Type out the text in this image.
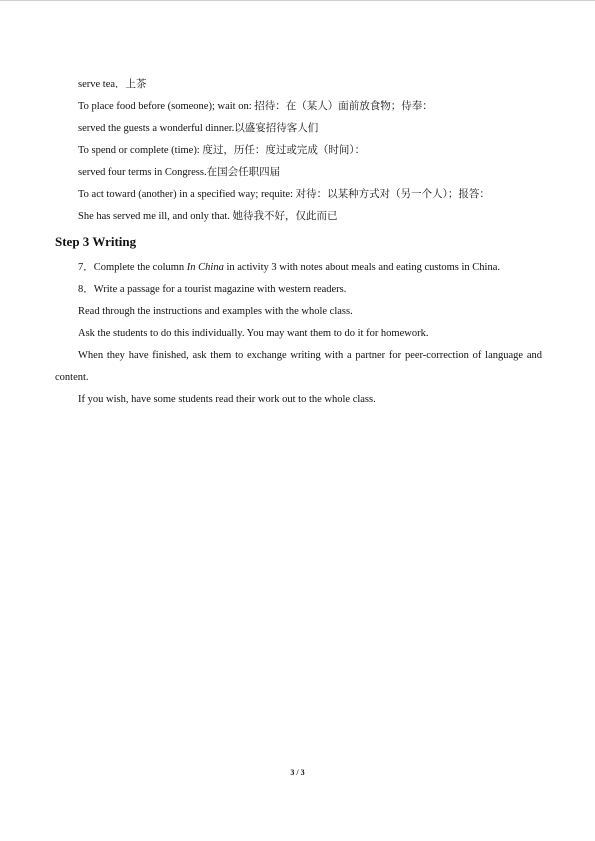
serve tea．上茶

To place food before (someone); wait on: 招待：在（某人）面前放食物；侍奉：

served the guests a wonderful dinner.以盛宴招待客人们

To spend or complete (time): 度过，历任：度过或完成（时间）：

served four terms in Congress.在国会任职四届

To act toward (another) in a specified way; requite: 对待：以某种方式对（另一个人）；报答：

She has served me ill, and only that. 她待我不好，仅此而已

Step 3 Writing

7．Complete the column In China in activity 3 with notes about meals and eating customs in China.

8．Write a passage for a tourist magazine with western readers.

Read through the instructions and examples with the whole class.

Ask the students to do this individually. You may want them to do it for homework.

When they have finished, ask them to exchange writing with a partner for peer-correction of language and content.

If you wish, have some students read their work out to the whole class.

3 / 3
